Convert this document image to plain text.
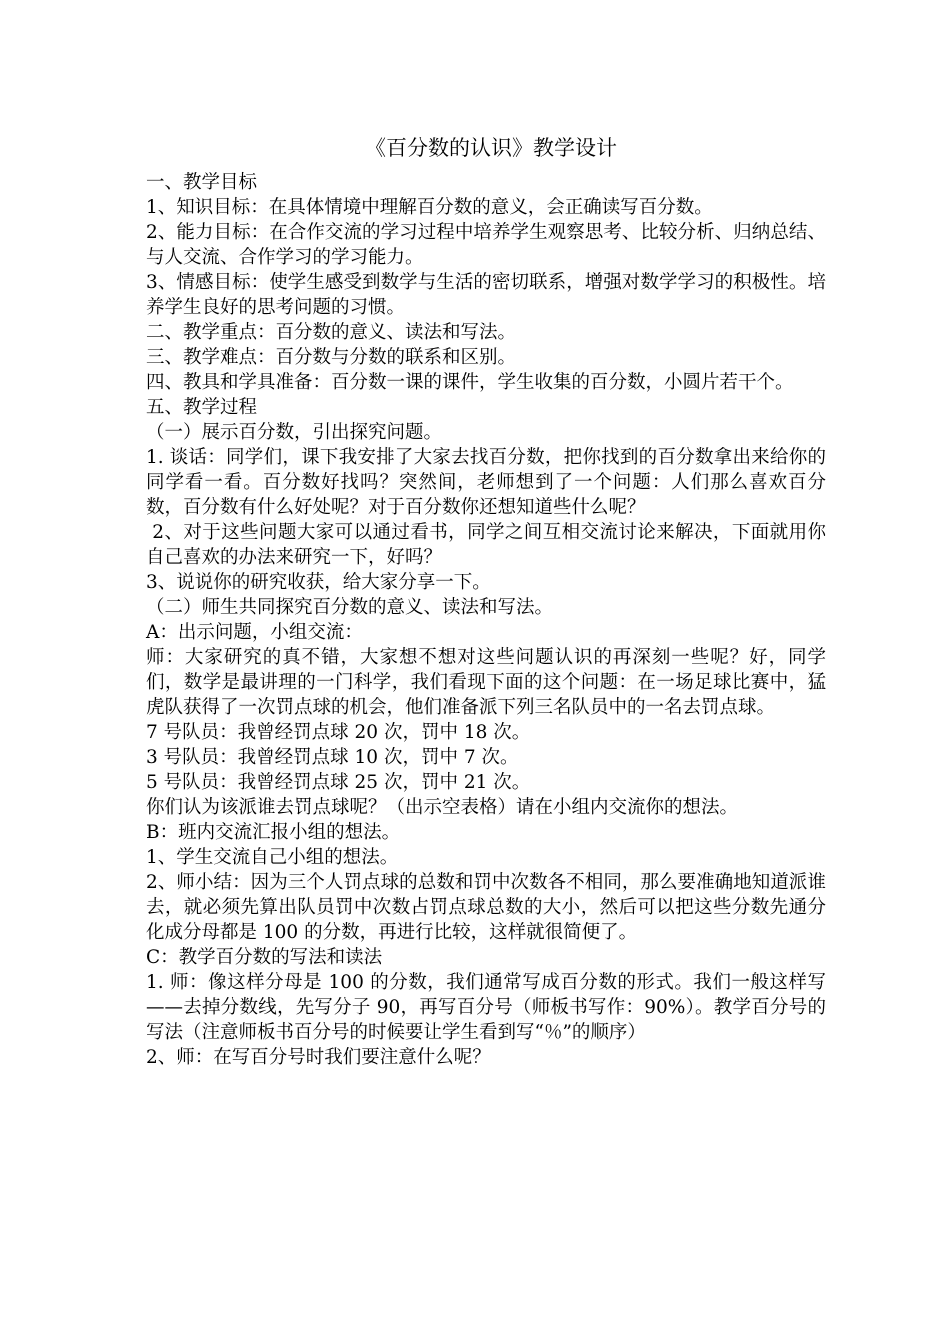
《百分数的认识》教学设计

一、教学目标

1、知识目标：在具体情境中理解百分数的意义，会正确读写百分数。

2、能力目标：在合作交流的学习过程中培养学生观察思考、比较分析、归纳总结、与人交流、合作学习的学习能力。

3、情感目标：使学生感受到数学与生活的密切联系，增强对数学学习的积极性。培养学生良好的思考问题的习惯。

二、教学重点：百分数的意义、读法和写法。

三、教学难点：百分数与分数的联系和区别。

四、教具和学具准备：百分数一课的课件，学生收集的百分数，小圆片若干个。

五、教学过程

（一）展示百分数，引出探究问题。

1. 谈话：同学们，课下我安排了大家去找百分数，把你找到的百分数拿出来给你的同学看一看。百分数好找吗？突然间，老师想到了一个问题：人们那么喜欢百分数，百分数有什么好处呢？对于百分数你还想知道些什么呢？

2、对于这些问题大家可以通过看书，同学之间互相交流讨论来解决，下面就用你自己喜欢的办法来研究一下，好吗？

3、说说你的研究收获，给大家分享一下。

（二）师生共同探究百分数的意义、读法和写法。

A：出示问题，小组交流：

师：大家研究的真不错，大家想不想对这些问题认识的再深刻一些呢？好，同学们，数学是最讲理的一门科学，我们看现下面的这个问题：在一场足球比赛中，猛虎队获得了一次罚点球的机会，他们准备派下列三名队员中的一名去罚点球。

7 号队员：我曾经罚点球 20 次，罚中 18 次。

3 号队员：我曾经罚点球 10 次，罚中 7 次。

5 号队员：我曾经罚点球 25 次，罚中 21 次。

你们认为该派谁去罚点球呢？（出示空表格）请在小组内交流你的想法。

B：班内交流汇报小组的想法。

1、学生交流自己小组的想法。

2、师小结：因为三个人罚点球的总数和罚中次数各不相同，那么要准确地知道派谁去，就必须先算出队员罚中次数占罚点球总数的大小，然后可以把这些分数先通分化成分母都是 100 的分数，再进行比较，这样就很简便了。

C：教学百分数的写法和读法

1. 师：像这样分母是 100 的分数，我们通常写成百分数的形式。我们一般这样写——去掉分数线，先写分子 90，再写百分号（师板书写作：90%）。教学百分号的写法（注意师板书百分号的时候要让学生看到写“％”的顺序）

2、师：在写百分号时我们要注意什么呢？
